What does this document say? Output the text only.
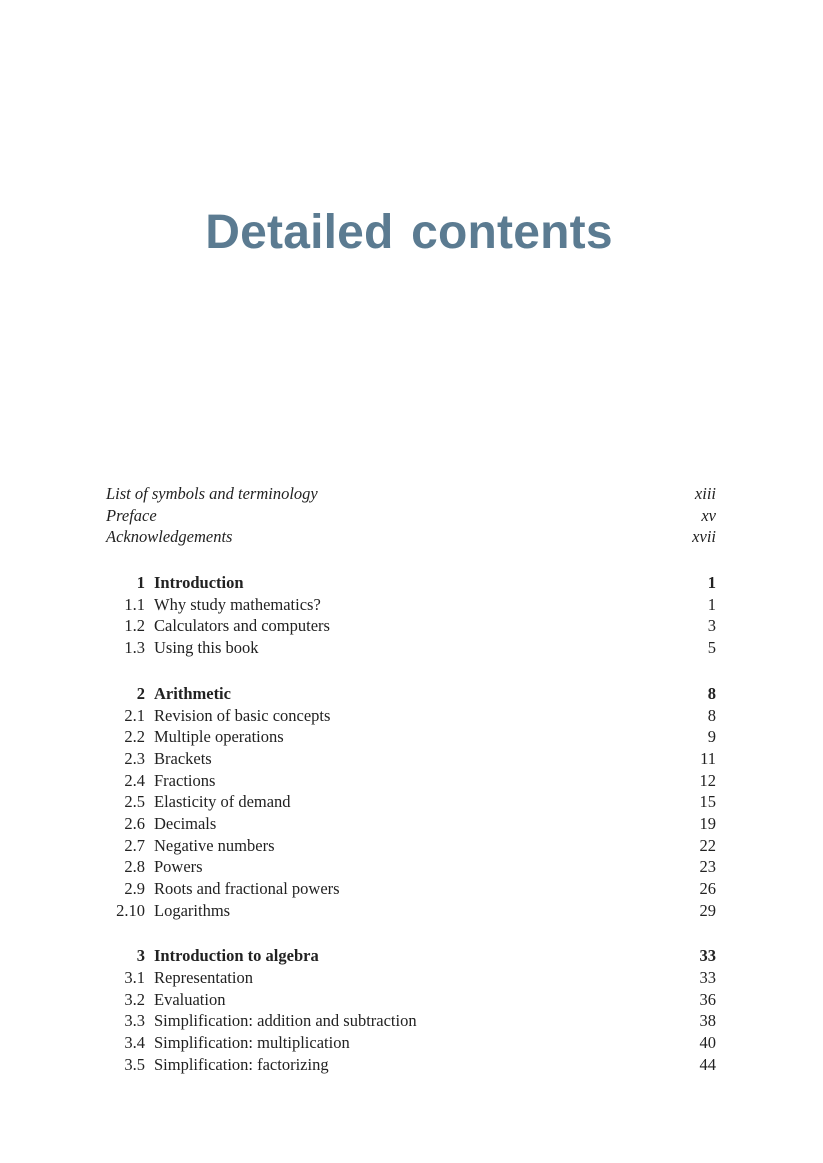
Detailed contents
List of symbols and terminology	xiii
Preface	xv
Acknowledgements	xvii
1 Introduction	1
1.1 Why study mathematics?	1
1.2 Calculators and computers	3
1.3 Using this book	5
2 Arithmetic	8
2.1 Revision of basic concepts	8
2.2 Multiple operations	9
2.3 Brackets	11
2.4 Fractions	12
2.5 Elasticity of demand	15
2.6 Decimals	19
2.7 Negative numbers	22
2.8 Powers	23
2.9 Roots and fractional powers	26
2.10 Logarithms	29
3 Introduction to algebra	33
3.1 Representation	33
3.2 Evaluation	36
3.3 Simplification: addition and subtraction	38
3.4 Simplification: multiplication	40
3.5 Simplification: factorizing	44
